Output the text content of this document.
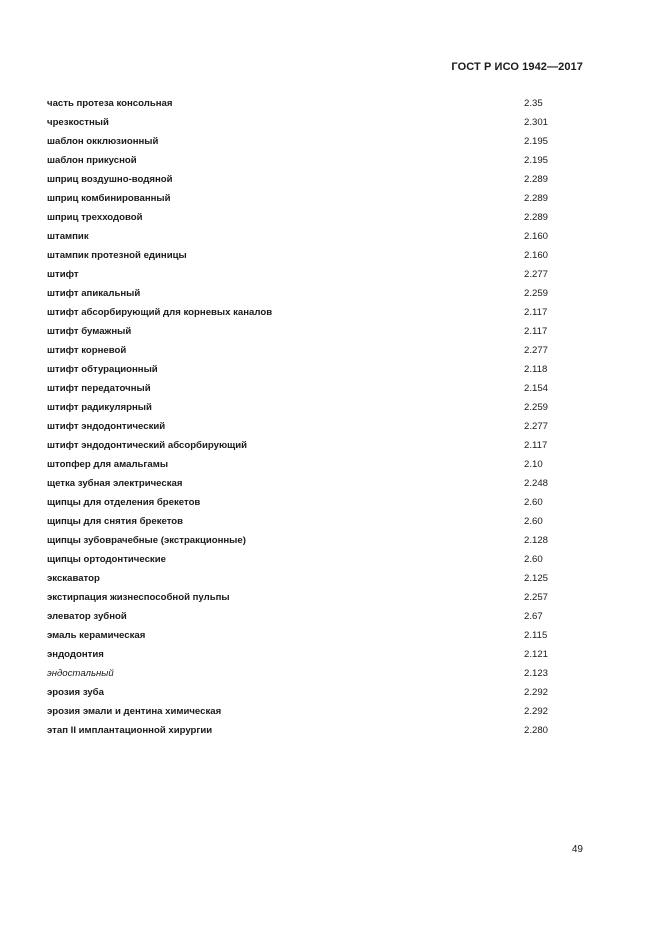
ГОСТ Р ИСО 1942—2017
часть протеза консольная	2.35
чрезкостный	2.301
шаблон окклюзионный	2.195
шаблон прикусной	2.195
шприц воздушно-водяной	2.289
шприц комбинированный	2.289
шприц трехходовой	2.289
штампик	2.160
штампик протезной единицы	2.160
штифт	2.277
штифт апикальный	2.259
штифт абсорбирующий для корневых каналов	2.117
штифт бумажный	2.117
штифт корневой	2.277
штифт обтурационный	2.118
штифт передаточный	2.154
штифт радикулярный	2.259
штифт эндодонтический	2.277
штифт эндодонтический абсорбирующий	2.117
штопфер для амальгамы	2.10
щетка зубная электрическая	2.248
щипцы для отделения брекетов	2.60
щипцы для снятия брекетов	2.60
щипцы зубоврачебные (экстракционные)	2.128
щипцы ортодонтические	2.60
экскаватор	2.125
экстирпация жизнеспособной пульпы	2.257
элеватор зубной	2.67
эмаль керамическая	2.115
эндодонтия	2.121
эндостальный	2.123
эрозия зуба	2.292
эрозия эмали и дентина химическая	2.292
этап II имплантационной хирургии	2.280
49
